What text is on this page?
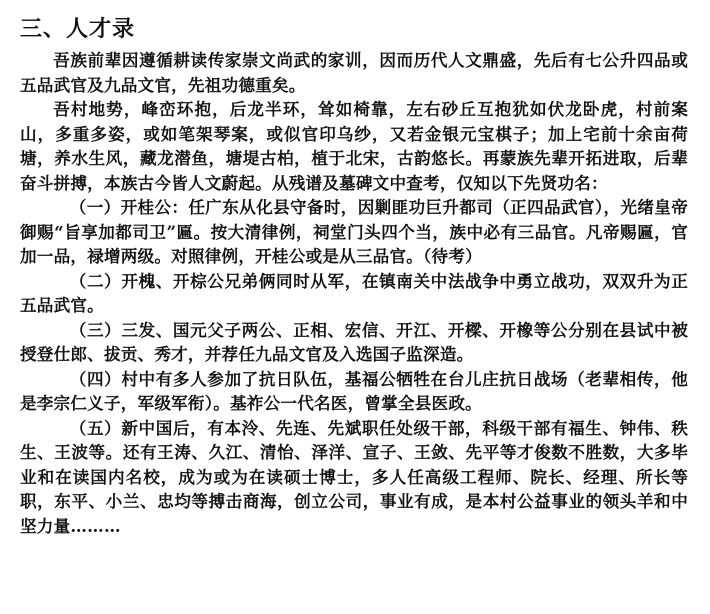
三、人才录

吾族前辈因遵循耕读传家崇文尚武的家训，因而历代人文鼎盛，先后有七公升四品或五品武官及九品文官，先祖功德重矣。

吾村地势，峰峦环抱，后龙半环，耸如椅靠，左右砂丘互抱犹如伏龙卧虎，村前案山，多重多姿，或如笔架琴案，或似官印乌纱，又若金银元宝棋子；加上宅前十余亩荷塘，养水生风，藏龙潜鱼，塘堤古柏，植于北宋，古韵悠长。再蒙族先辈开拓进取，后辈奋斗拼搏，本族古今皆人文蔚起。从残谱及墓碑文中查考，仅知以下先贤功名：

（一）开桂公：任广东从化县守备时，因剿匪功巨升都司（正四品武官），光绪皇帝御赐“旨享加都司卫”匾。按大清律例，祠堂门头四个当，族中必有三品官。凡帝赐匾，官加一品，禄增两级。对照律例，开桂公或是从三品官。（待考）

（二）开槐、开棕公兄弟俩同时从军，在镇南关中法战争中勇立战功，双双升为正五品武官。

（三）三发、国元父子两公、正相、宏信、开江、开樑、开橡等公分别在县试中被授登仕郎、拔贡、秀才，并荐任九品文官及入选国子监深造。

（四）村中有多人参加了抗日队伍，基福公牺牲在台儿庄抗日战场（老辈相传，他是李宗仁义子，军级军衔）。基祚公一代名医，曾掌全县医政。

（五）新中国后，有本泠、先连、先斌职任处级干部，科级干部有福生、钟伟、秩生、王波等。还有王涛、久江、清怡、泽洋、宣子、王敛、先平等才俊数不胜数，大多毕业和在读国内名校，成为或为在读硕士博士，多人任高级工程师、院长、经理、所长等职，东平、小兰、忠均等搏击商海，创立公司，事业有成，是本村公益事业的领头羊和中坚力量………
